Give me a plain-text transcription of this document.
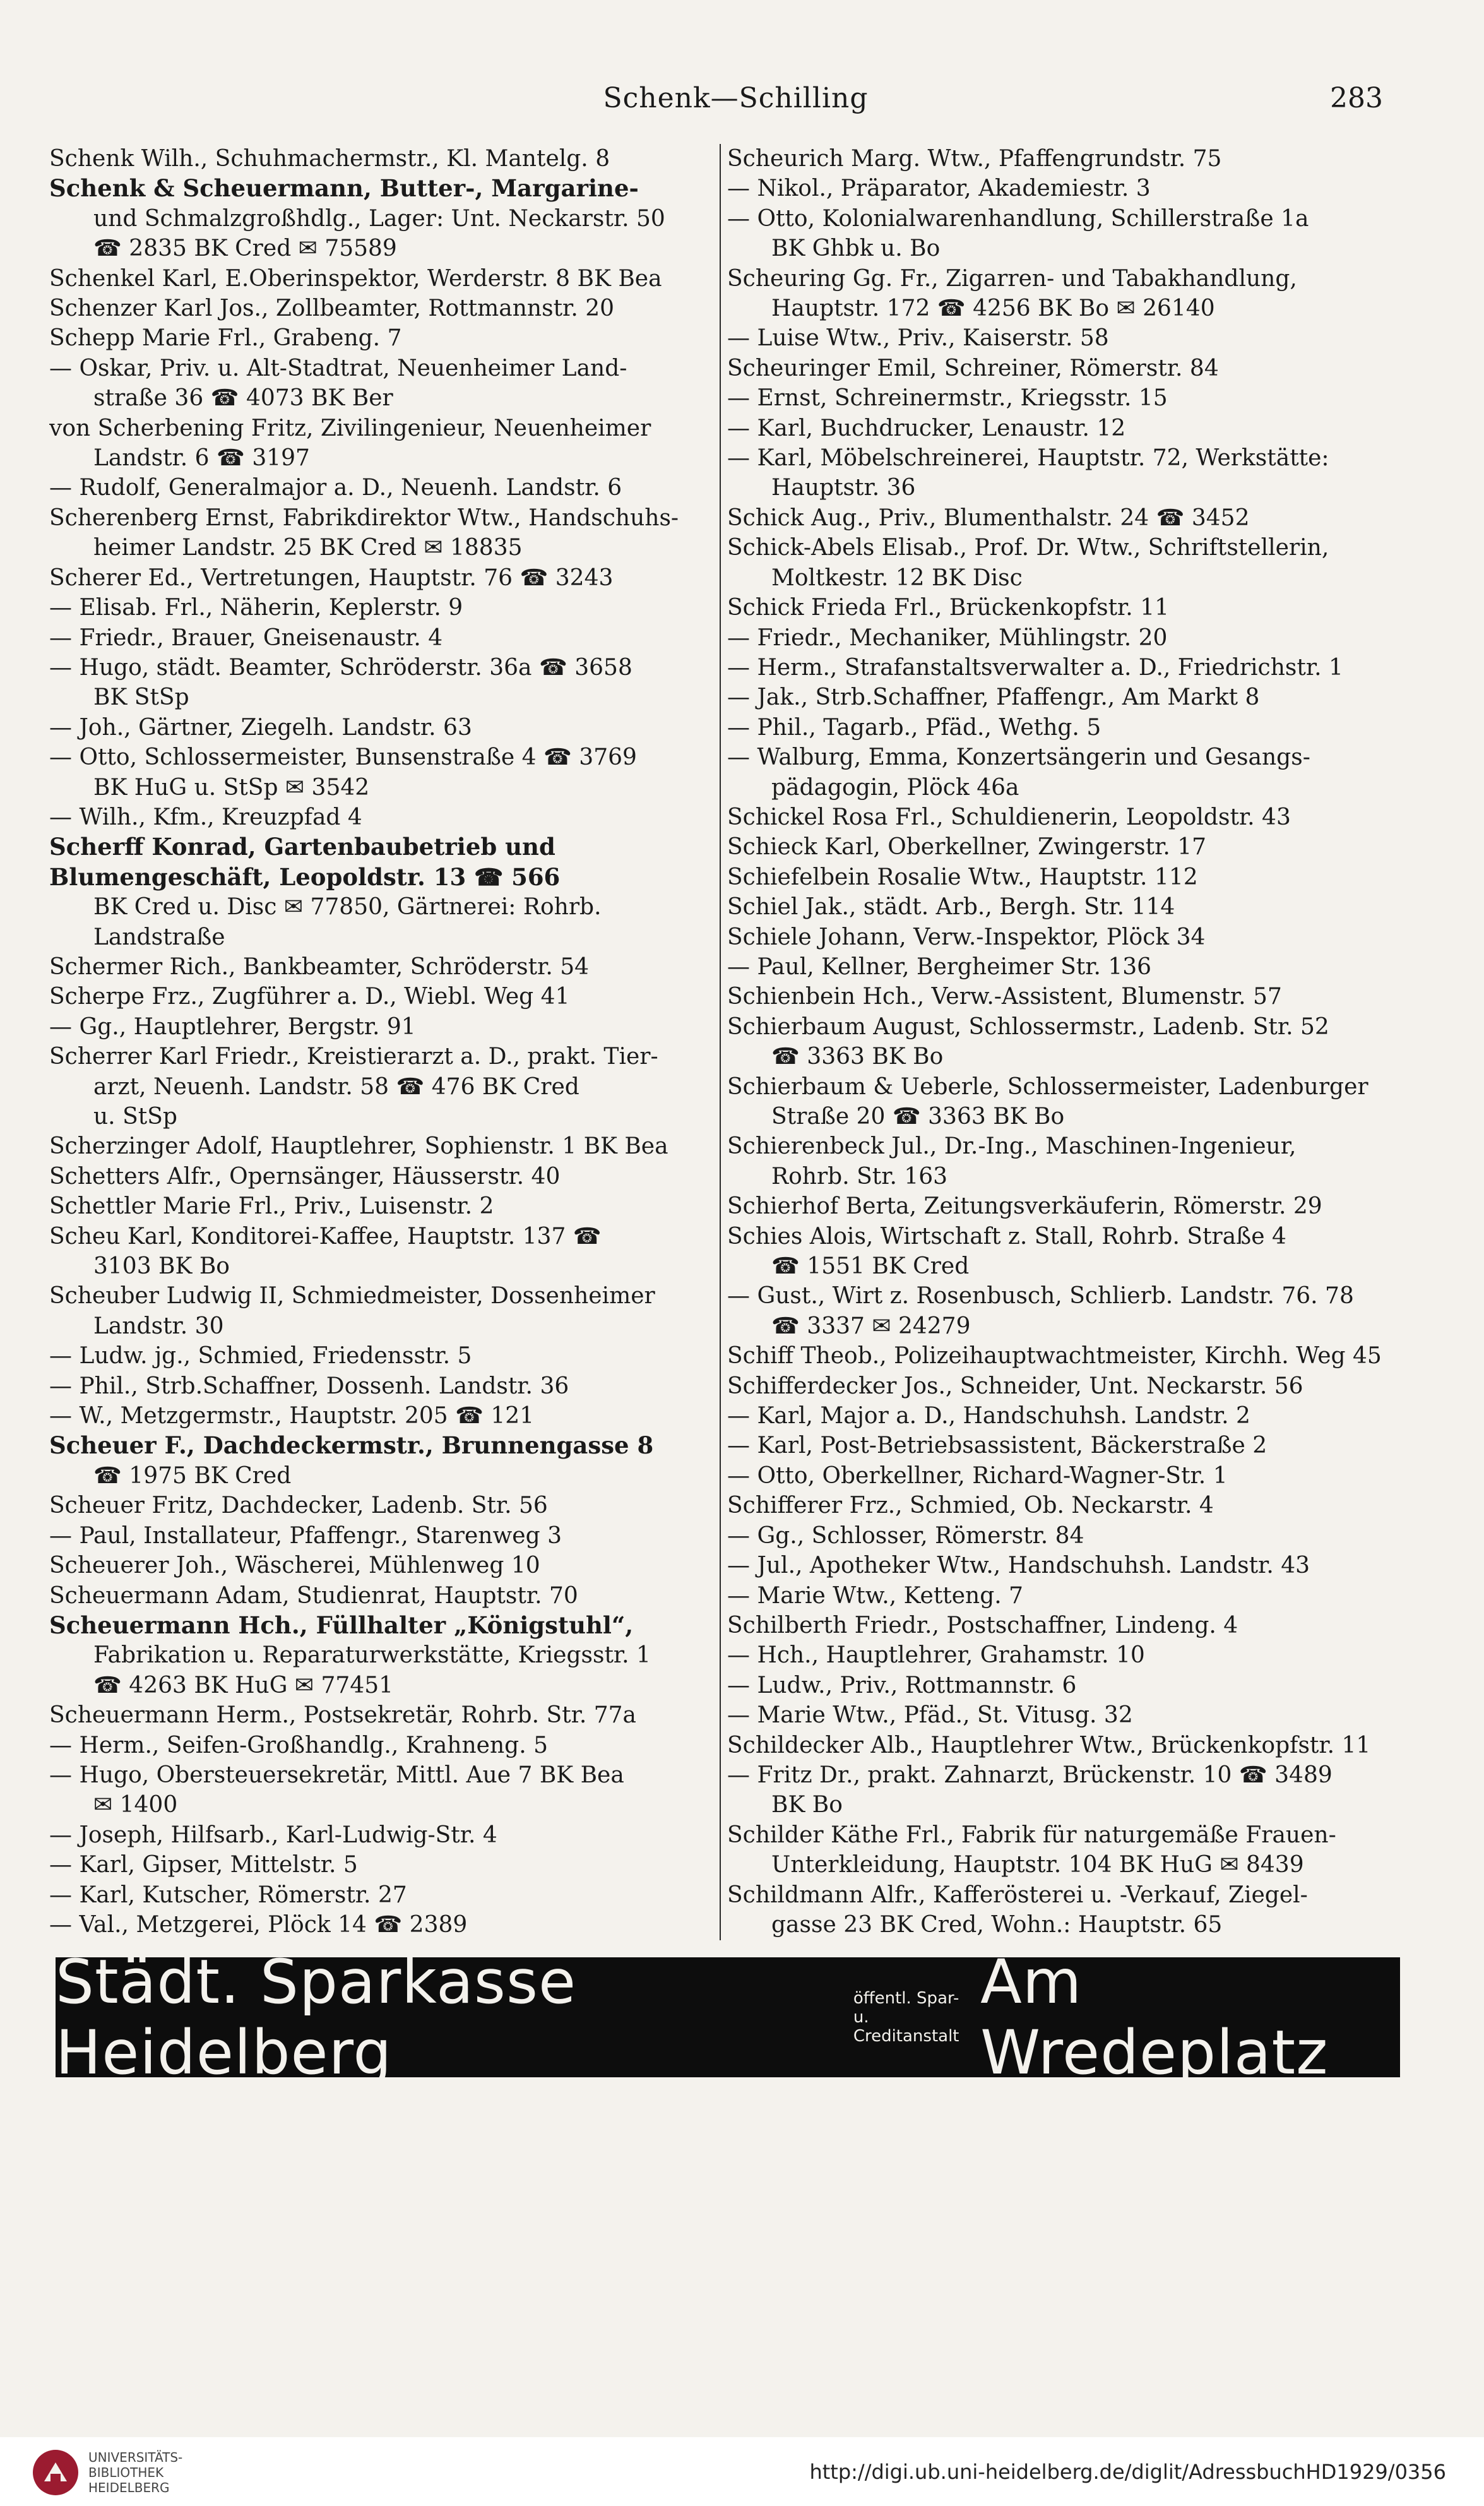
Schenk—Schilling	283
Schenk Wilh., Schuhmachermstr., Kl. Mantelg. 8
Schenk & Scheuermann, Butter-, Margarine-
und Schmalzgroßhdlg., Lager: Unt. Neckarstr. 50
☎ 2835 BK Cred ✉ 75589
Schenkel Karl, E.Oberinspektor, Werderstr. 8 BK Bea
Schenzer Karl Jos., Zollbeamter, Rottmannstr. 20
Schepp Marie Frl., Grabeng. 7
— Oskar, Priv. u. Alt-Stadtrat, Neuenheimer Land-
straße 36 ☎ 4073 BK Ber
von Scherbening Fritz, Zivilingenieur, Neuenheimer
Landstr. 6 ☎ 3197
— Rudolf, Generalmajor a. D., Neuenh. Landstr. 6
Scherenberg Ernst, Fabrikdirektor Wtw., Handschuhs-
heimer Landstr. 25 BK Cred ✉ 18835
Scherer Ed., Vertretungen, Hauptstr. 76 ☎ 3243
— Elisab. Frl., Näherin, Keplerstr. 9
— Friedr., Brauer, Gneisenaustr. 4
— Hugo, städt. Beamter, Schröderstr. 36a ☎ 3658
BK StSp
— Joh., Gärtner, Ziegelh. Landstr. 63
— Otto, Schlossermeister, Bunsenstraße 4 ☎ 3769
BK HuG u. StSp ✉ 3542
— Wilh., Kfm., Kreuzpfad 4
Scherff Konrad, Gartenbaubetrieb und
Blumengeschäft, Leopoldstr. 13 ☎ 566
BK Cred u. Disc ✉ 77850, Gärtnerei: Rohrb.
Landstraße
Schermer Rich., Bankbeamter, Schröderstr. 54
Scherpe Frz., Zugführer a. D., Wiebl. Weg 41
— Gg., Hauptlehrer, Bergstr. 91
Scherrer Karl Friedr., Kreistierarzt a. D., prakt. Tier-
arzt, Neuenh. Landstr. 58 ☎ 476 BK Cred
u. StSp
Scherzinger Adolf, Hauptlehrer, Sophienstr. 1 BK Bea
Schetters Alfr., Opernsänger, Häusserstr. 40
Schettler Marie Frl., Priv., Luisenstr. 2
Scheu Karl, Konditorei-Kaffee, Hauptstr. 137 ☎
3103 BK Bo
Scheuber Ludwig II, Schmiedmeister, Dossenheimer
Landstr. 30
— Ludw. jg., Schmied, Friedensstr. 5
— Phil., Strb.Schaffner, Dossenh. Landstr. 36
— W., Metzgermstr., Hauptstr. 205 ☎ 121
Scheuer F., Dachdeckermstr., Brunnengasse 8
☎ 1975 BK Cred
Scheuer Fritz, Dachdecker, Ladenb. Str. 56
— Paul, Installateur, Pfaffengr., Starenweg 3
Scheuerer Joh., Wäscherei, Mühlenweg 10
Scheuermann Adam, Studienrat, Hauptstr. 70
Scheuermann Hch., Füllhalter „Königstuhl“,
Fabrikation u. Reparaturwerkstätte, Kriegsstr. 1
☎ 4263 BK HuG ✉ 77451
Scheuermann Herm., Postsekretär, Rohrb. Str. 77a
— Herm., Seifen-Großhandlg., Krahneng. 5
— Hugo, Obersteuersekretär, Mittl. Aue 7 BK Bea
✉ 1400
— Joseph, Hilfsarb., Karl-Ludwig-Str. 4
— Karl, Gipser, Mittelstr. 5
— Karl, Kutscher, Römerstr. 27
— Val., Metzgerei, Plöck 14 ☎ 2389
Scheurich Marg. Wtw., Pfaffengrundstr. 75
— Nikol., Präparator, Akademiestr. 3
— Otto, Kolonialwarenhandlung, Schillerstraße 1a
BK Ghbk u. Bo
Scheuring Gg. Fr., Zigarren- und Tabakhandlung,
Hauptstr. 172 ☎ 4256 BK Bo ✉ 26140
— Luise Wtw., Priv., Kaiserstr. 58
Scheuringer Emil, Schreiner, Römerstr. 84
— Ernst, Schreinermstr., Kriegsstr. 15
— Karl, Buchdrucker, Lenaustr. 12
— Karl, Möbelschreinerei, Hauptstr. 72, Werkstätte:
Hauptstr. 36
Schick Aug., Priv., Blumenthalstr. 24 ☎ 3452
Schick-Abels Elisab., Prof. Dr. Wtw., Schriftstellerin,
Moltkestr. 12 BK Disc
Schick Frieda Frl., Brückenkopfstr. 11
— Friedr., Mechaniker, Mühlingstr. 20
— Herm., Strafanstaltsverwalter a. D., Friedrichstr. 1
— Jak., Strb.Schaffner, Pfaffengr., Am Markt 8
— Phil., Tagarb., Pfäd., Wethg. 5
— Walburg, Emma, Konzertsängerin und Gesangs-
pädagogin, Plöck 46a
Schickel Rosa Frl., Schuldienerin, Leopoldstr. 43
Schieck Karl, Oberkellner, Zwingerstr. 17
Schiefelbein Rosalie Wtw., Hauptstr. 112
Schiel Jak., städt. Arb., Bergh. Str. 114
Schiele Johann, Verw.-Inspektor, Plöck 34
— Paul, Kellner, Bergheimer Str. 136
Schienbein Hch., Verw.-Assistent, Blumenstr. 57
Schierbaum August, Schlossermstr., Ladenb. Str. 52
☎ 3363 BK Bo
Schierbaum & Ueberle, Schlossermeister, Ladenburger
Straße 20 ☎ 3363 BK Bo
Schierenbeck Jul., Dr.-Ing., Maschinen-Ingenieur,
Rohrb. Str. 163
Schierhof Berta, Zeitungsverkäuferin, Römerstr. 29
Schies Alois, Wirtschaft z. Stall, Rohrb. Straße 4
☎ 1551 BK Cred
— Gust., Wirt z. Rosenbusch, Schlierb. Landstr. 76. 78
☎ 3337 ✉ 24279
Schiff Theob., Polizeihauptwachtmeister, Kirchh. Weg 45
Schifferdecker Jos., Schneider, Unt. Neckarstr. 56
— Karl, Major a. D., Handschuhsh. Landstr. 2
— Karl, Post-Betriebsassistent, Bäckerstraße 2
— Otto, Oberkellner, Richard-Wagner-Str. 1
Schifferer Frz., Schmied, Ob. Neckarstr. 4
— Gg., Schlosser, Römerstr. 84
— Jul., Apotheker Wtw., Handschuhsh. Landstr. 43
— Marie Wtw., Ketteng. 7
Schilberth Friedr., Postschaffner, Lindeng. 4
— Hch., Hauptlehrer, Grahamstr. 10
— Ludw., Priv., Rottmannstr. 6
— Marie Wtw., Pfäd., St. Vitusg. 32
Schildecker Alb., Hauptlehrer Wtw., Brückenkopfstr. 11
— Fritz Dr., prakt. Zahnarzt, Brückenstr. 10 ☎ 3489
BK Bo
Schilder Käthe Frl., Fabrik für naturgemäße Frauen-
Unterkleidung, Hauptstr. 104 BK HuG ✉ 8439
Schildmann Alfr., Kafferösterei u. -Verkauf, Ziegel-
gasse 23 BK Cred, Wohn.: Hauptstr. 65
Städt. Sparkasse Heidelberg
öffentl. Spar- u.
Creditanstalt
Am Wredeplatz
UNIVERSITÄTS-
BIBLIOTHEK
HEIDELBERG
http://digi.ub.uni-heidelberg.de/diglit/AdressbuchHD1929/0356
